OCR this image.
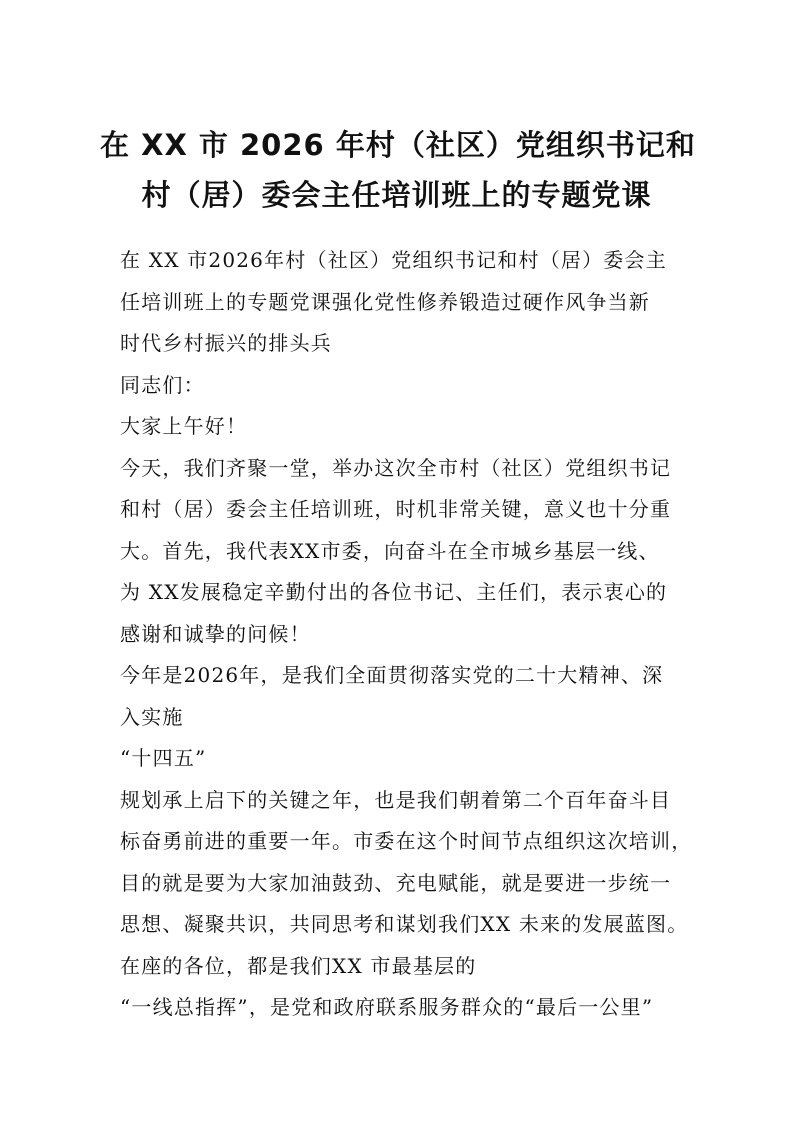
在 XX 市 2026 年村（社区）党组织书记和
村（居）委会主任培训班上的专题党课
在 XX 市2026年村（社区）党组织书记和村（居）委会主
任培训班上的专题党课强化党性修养锻造过硬作风争当新
时代乡村振兴的排头兵
同志们：
大家上午好！
今天，我们齐聚一堂，举办这次全市村（社区）党组织书记
和村（居）委会主任培训班，时机非常关键，意义也十分重
大。首先，我代表XX市委，向奋斗在全市城乡基层一线、
为 XX发展稳定辛勤付出的各位书记、主任们，表示衷心的
感谢和诚挚的问候！
今年是2026年，是我们全面贯彻落实党的二十大精神、深
入实施
“十四五”
规划承上启下的关键之年，也是我们朝着第二个百年奋斗目
标奋勇前进的重要一年。市委在这个时间节点组织这次培训，
目的就是要为大家加油鼓劲、充电赋能，就是要进一步统一
思想、凝聚共识，共同思考和谋划我们XX 未来的发展蓝图。
在座的各位，都是我们XX 市最基层的
“一线总指挥”，是党和政府联系服务群众的“最后一公里”
